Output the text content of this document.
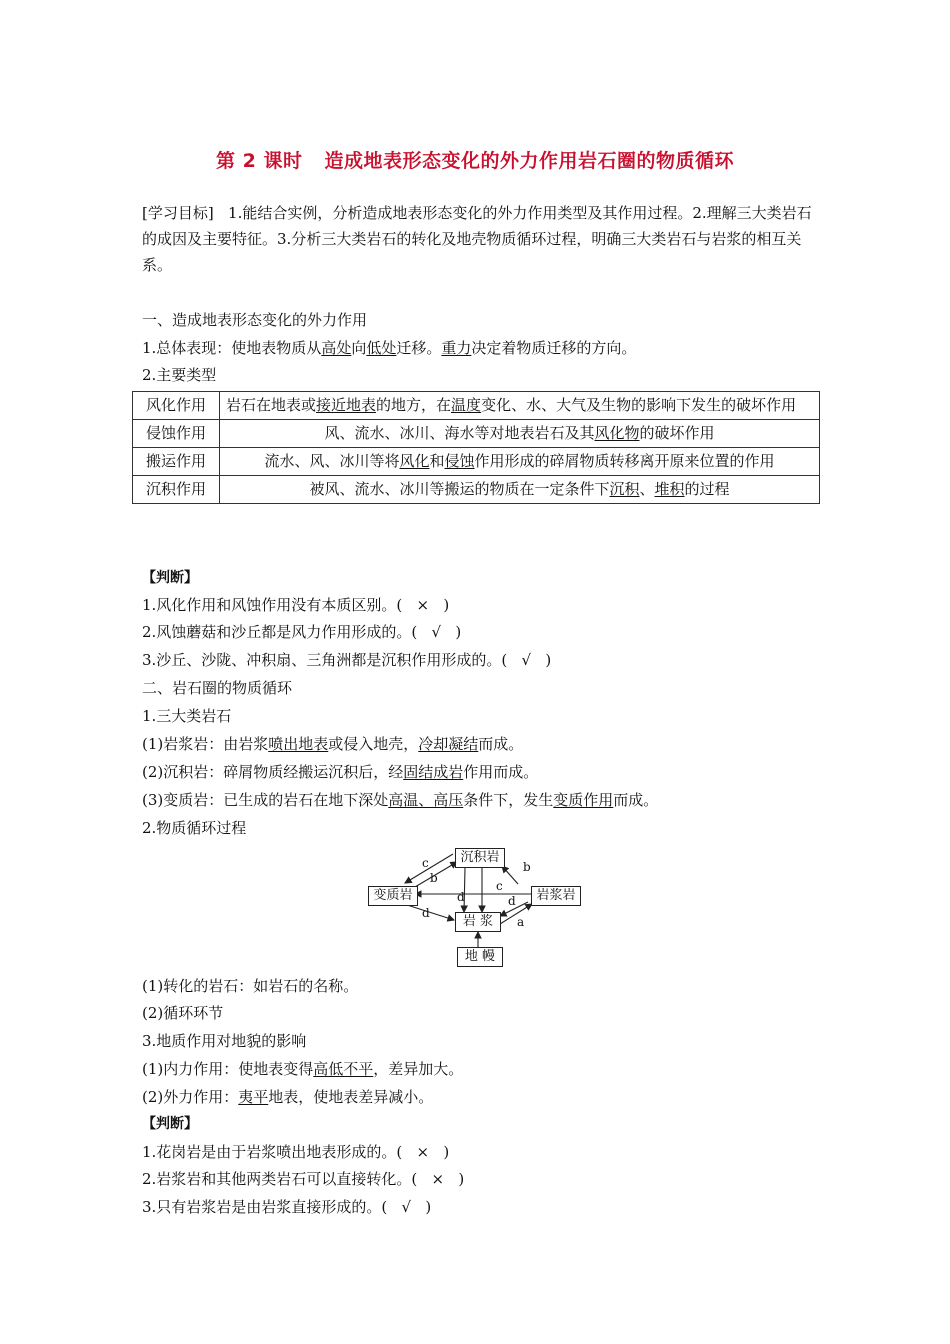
第 2 课时 造成地表形态变化的外力作用岩石圈的物质循环
[学习目标] 1.能结合实例，分析造成地表形态变化的外力作用类型及其作用过程。2.理解三大类岩石的成因及主要特征。3.分析三大类岩石的转化及地壳物质循环过程，明确三大类岩石与岩浆的相互关系。
一、造成地表形态变化的外力作用
1.总体表现：使地表物质从高处向低处迁移。重力决定着物质迁移的方向。
2.主要类型
风化作用	岩石在地表或接近地表的地方，在温度变化、水、大气及生物的影响下发生的破坏作用
侵蚀作用	风、流水、冰川、海水等对地表岩石及其风化物的破坏作用
搬运作用	流水、风、冰川等将风化和侵蚀作用形成的碎屑物质转移离开原来位置的作用
沉积作用	被风、流水、冰川等搬运的物质在一定条件下沉积、堆积的过程
【判断】
1.风化作用和风蚀作用没有本质区别。( × )
2.风蚀蘑菇和沙丘都是风力作用形成的。( √ )
3.沙丘、沙陇、冲积扇、三角洲都是沉积作用形成的。( √ )
二、岩石圈的物质循环
1.三大类岩石
(1)岩浆岩：由岩浆喷出地表或侵入地壳，冷却凝结而成。
(2)沉积岩：碎屑物质经搬运沉积后，经固结成岩作用而成。
(3)变质岩：已生成的岩石在地下深处高温、高压条件下，发生变质作用而成。
2.物质循环过程
沉积岩
变质岩	岩浆岩
岩 浆
地 幔
c
b
b
c
d
d
d
a
(1)转化的岩石：如岩石的名称。
(2)循环环节
3.地质作用对地貌的影响
(1)内力作用：使地表变得高低不平，差异加大。
(2)外力作用：夷平地表，使地表差异减小。
【判断】
1.花岗岩是由于岩浆喷出地表形成的。( × )
2.岩浆岩和其他两类岩石可以直接转化。( × )
3.只有岩浆岩是由岩浆直接形成的。( √ )
